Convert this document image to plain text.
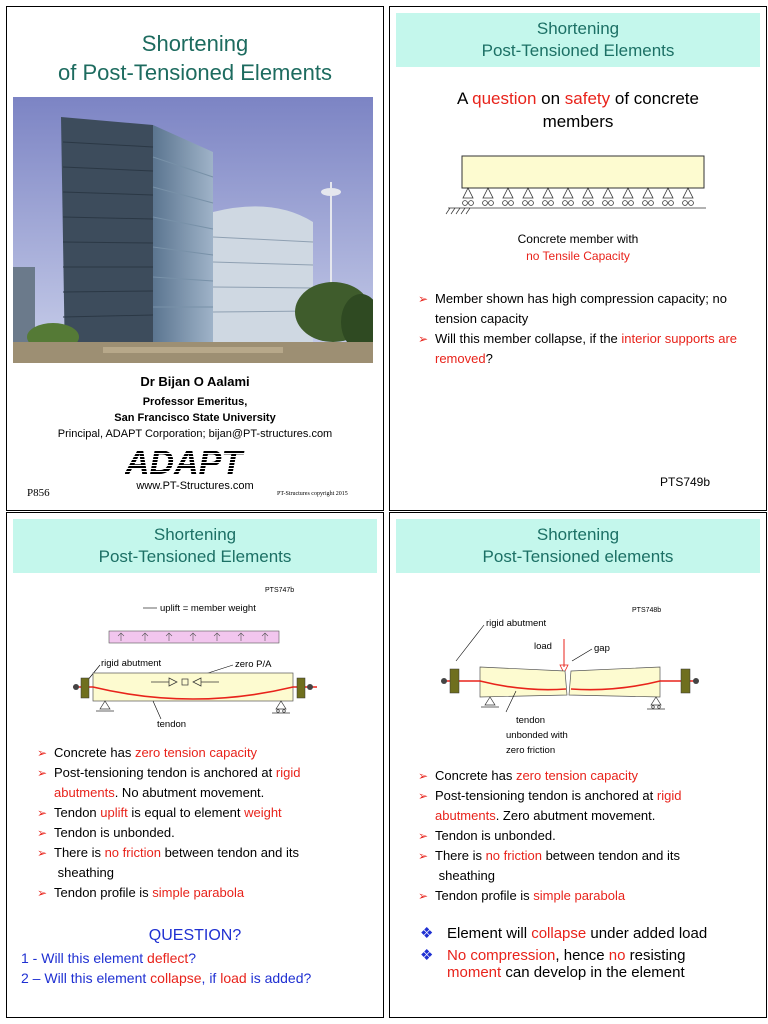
Shortening
of Post-Tensioned Elements
Dr Bijan O Aalami
Professor Emeritus,
San Francisco State University
Principal, ADAPT Corporation; bijan@PT-structures.com
ADAPT
www.PT-Structures.com
P856	PT-Structures copyright 2015
Shortening
Post-Tensioned Elements
A question on safety of concrete
members
Concrete member with
no Tensile Capacity
➢ Member shown has high compression capacity; no tension capacity
➢ Will this member collapse, if the interior supports are removed?
PTS749b
Shortening
Post-Tensioned Elements
PTS747b
uplift = member weight
rigid abutment	zero P/A
tendon
➢ Concrete has zero tension capacity
➢ Post-tensioning tendon is anchored at rigid
abutments. No abutment movement.
➢ Tendon uplift is equal to element weight
➢ Tendon is unbonded.
➢ There is no friction between tendon and its
sheathing
➢ Tendon profile is simple parabola
QUESTION?
1 - Will this element deflect?
2 – Will this element collapse, if load is added?
Shortening
Post-Tensioned elements
PTS748b
rigid abutment
load	gap
tendon
unbonded with
zero friction
➢ Concrete has zero tension capacity
➢ Post-tensioning tendon is anchored at rigid
abutments. Zero abutment movement.
➢ Tendon is unbonded.
➢ There is no friction between tendon and its
sheathing
➢ Tendon profile is simple parabola
❖ Element will collapse under added load
❖ No compression, hence no resisting
moment can develop in the element
